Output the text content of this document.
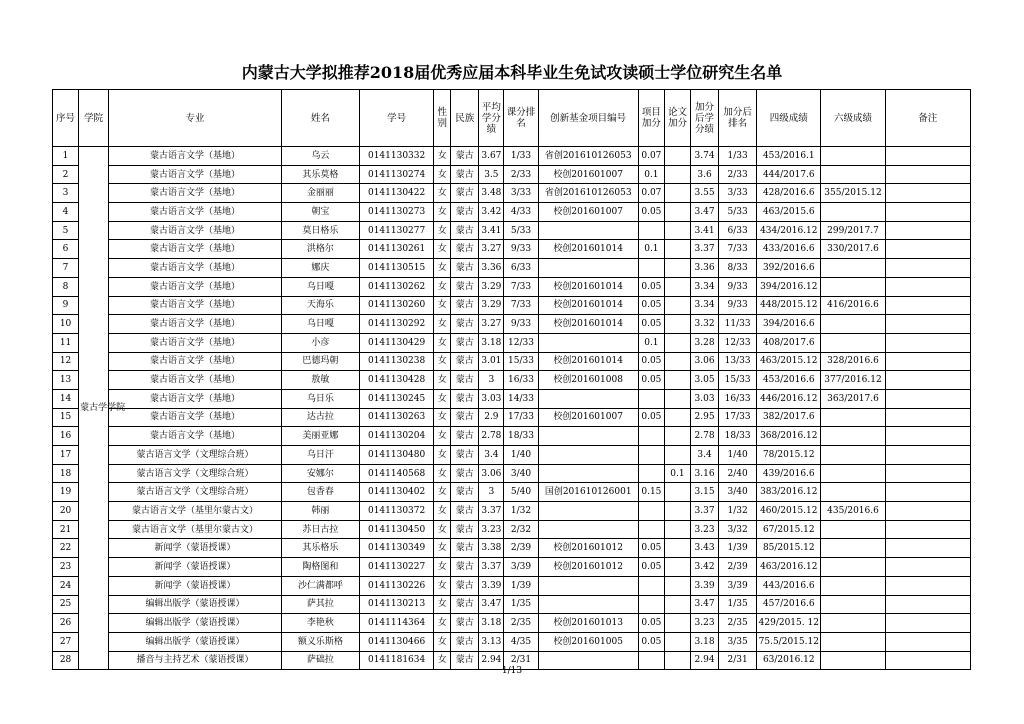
内蒙古大学拟推荐2018届优秀应届本科毕业生免试攻读硕士学位研究生名单
序号	学院	专业	姓名	学号	性别	民族	平均学分绩	课分排名	创新基金项目编号	项目加分	论文加分	加分后学分绩	加分后排名	四级成绩	六级成绩	备注
1	蒙古学学院	蒙古语言文学（基地）	乌云	0141130332	女	蒙古	3.67	1/33	省创201610126053	0.07		3.74	1/33	453/2016.1		
2		蒙古语言文学（基地）	其乐莫格	0141130274	女	蒙古	3.5	2/33	校创201601007	0.1		3.6	2/33	444/2017.6		
3		蒙古语言文学（基地）	金丽丽	0141130422	女	蒙古	3.48	3/33	省创201610126053	0.07		3.55	3/33	428/2016.6	355/2015.12	
4		蒙古语言文学（基地）	朝宝	0141130273	女	蒙古	3.42	4/33	校创201601007	0.05		3.47	5/33	463/2015.6		
5		蒙古语言文学（基地）	莫日格乐	0141130277	女	蒙古	3.41	5/33				3.41	6/33	434/2016.12	299/2017.7	
6		蒙古语言文学（基地）	洪格尔	0141130261	女	蒙古	3.27	9/33	校创201601014	0.1		3.37	7/33	433/2016.6	330/2017.6	
7		蒙古语言文学（基地）	娜庆	0141130515	女	蒙古	3.36	6/33				3.36	8/33	392/2016.6		
8		蒙古语言文学（基地）	乌日嘎	0141130262	女	蒙古	3.29	7/33	校创201601014	0.05		3.34	9/33	394/2016.12		
9		蒙古语言文学（基地）	天海乐	0141130260	女	蒙古	3.29	7/33	校创201601014	0.05		3.34	9/33	448/2015.12	416/2016.6	
10		蒙古语言文学（基地）	乌日嘎	0141130292	女	蒙古	3.27	9/33	校创201601014	0.05		3.32	11/33	394/2016.6		
11		蒙古语言文学（基地）	小彦	0141130429	女	蒙古	3.18	12/33		0.1		3.28	12/33	408/2017.6		
12		蒙古语言文学（基地）	巴德玛朝	0141130238	女	蒙古	3.01	15/33	校创201601014	0.05		3.06	13/33	463/2015.12	328/2016.6	
13		蒙古语言文学（基地）	敖敏	0141130428	女	蒙古	3	16/33	校创201601008	0.05		3.05	15/33	453/2016.6	377/2016.12	
14		蒙古语言文学（基地）	乌日乐	0141130245	女	蒙古	3.03	14/33				3.03	16/33	446/2016.12	363/2017.6	
15		蒙古语言文学（基地）	达古拉	0141130263	女	蒙古	2.9	17/33	校创201601007	0.05		2.95	17/33	382/2017.6		
16		蒙古语言文学（基地）	美丽亚娜	0141130204	女	蒙古	2.78	18/33				2.78	18/33	368/2016.12		
17		蒙古语言文学（文理综合班）	乌日汗	0141130480	女	蒙古	3.4	1/40				3.4	1/40	78/2015.12		
18		蒙古语言文学（文理综合班）	安娜尔	0141140568	女	蒙古	3.06	3/40			0.1	3.16	2/40	439/2016.6		
19		蒙古语言文学（文理综合班）	包香春	0141130402	女	蒙古	3	5/40	国创201610126001	0.15		3.15	3/40	383/2016.12		
20		蒙古语言文学（基里尔蒙古文）	韩丽	0141130372	女	蒙古	3.37	1/32				3.37	1/32	460/2015.12	435/2016.6	
21		蒙古语言文学（基里尔蒙古文）	苏日古拉	0141130450	女	蒙古	3.23	2/32				3.23	3/32	67/2015.12		
22		新闻学（蒙语授课）	其乐格乐	0141130349	女	蒙古	3.38	2/39	校创201601012	0.05		3.43	1/39	85/2015.12		
23		新闻学（蒙语授课）	陶格图和	0141130227	女	蒙古	3.37	3/39	校创201601012	0.05		3.42	2/39	463/2016.12		
24		新闻学（蒙语授课）	沙仁满都呼	0141130226	女	蒙古	3.39	1/39				3.39	3/39	443/2016.6		
25		编辑出版学（蒙语授课）	萨其拉	0141130213	女	蒙古	3.47	1/35				3.47	1/35	457/2016.6		
26		编辑出版学（蒙语授课）	李艳秋	0141114364	女	蒙古	3.18	2/35	校创201601013	0.05		3.23	2/35	429/2015. 12		
27		编辑出版学（蒙语授课）	额义乐斯格	0141130466	女	蒙古	3.13	4/35	校创201601005	0.05		3.18	3/35	75.5/2015.12		
28		播音与主持艺术（蒙语授课）	萨础拉	0141181634	女	蒙古	2.94	2/31				2.94	2/31	63/2016.12		
1/13
